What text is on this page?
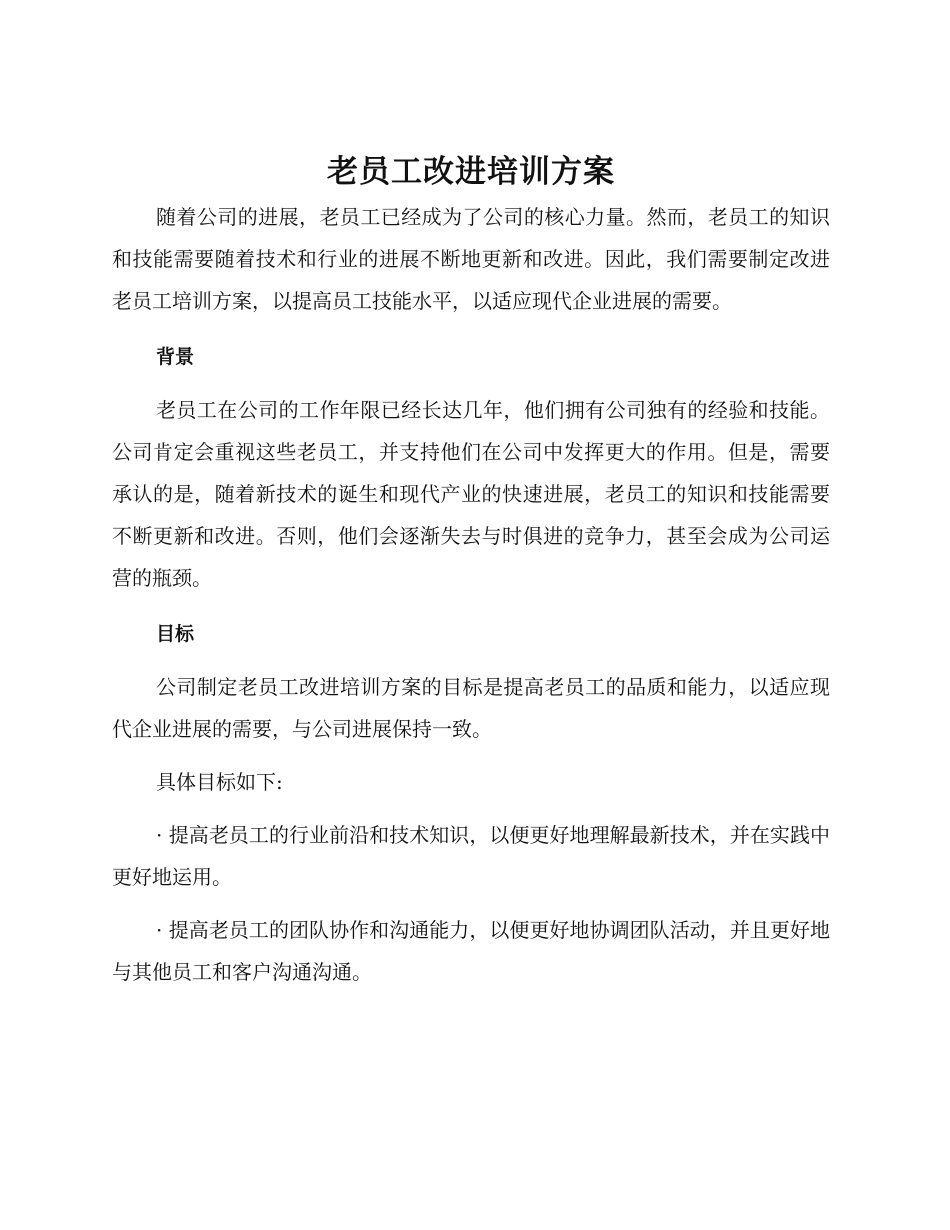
老员工改进培训方案

随着公司的进展，老员工已经成为了公司的核心力量。然而，老员工的知识和技能需要随着技术和行业的进展不断地更新和改进。因此，我们需要制定改进老员工培训方案，以提高员工技能水平，以适应现代企业进展的需要。

背景

老员工在公司的工作年限已经长达几年，他们拥有公司独有的经验和技能。公司肯定会重视这些老员工，并支持他们在公司中发挥更大的作用。但是，需要承认的是，随着新技术的诞生和现代产业的快速进展，老员工的知识和技能需要不断更新和改进。否则，他们会逐渐失去与时俱进的竞争力，甚至会成为公司运营的瓶颈。

目标

公司制定老员工改进培训方案的目标是提高老员工的品质和能力，以适应现代企业进展的需要，与公司进展保持一致。

具体目标如下:

· 提高老员工的行业前沿和技术知识，以便更好地理解最新技术，并在实践中更好地运用。

· 提高老员工的团队协作和沟通能力，以便更好地协调团队活动，并且更好地与其他员工和客户沟通沟通。
